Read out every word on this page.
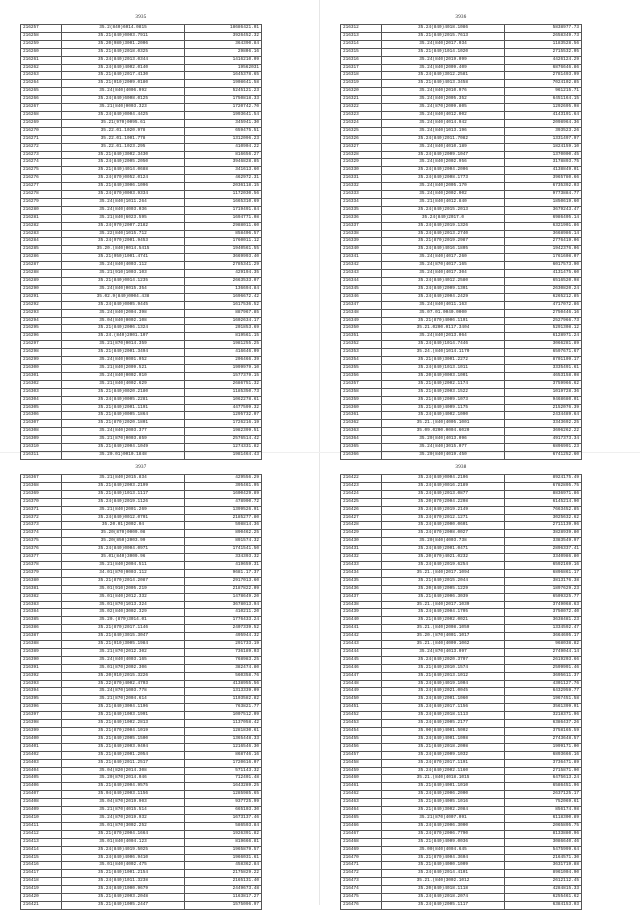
3935
216257	35.2(840)6014.0815	18686421.01
216258	35.21(840)0003.7911	3926452.32
216259	35.20(980)3001.2006	364390.84
216260	35.21(840)2018.0325	29806.16
216261	35.24(840)2013.0344	1416210.09
216262	35.24(840)4002.0140	19562031
216263	35.21(840)2017.4130	1645378.65
216264	35.21(910)2009.0180	1908641.58
216265	35.24(840)4006.992	5245121.23
216266	35.24(840)6008.0125	1750818.33
216267	35.21(840)0003.323	1720742.70
216268	35.24(840)0004.4425	1993641.54
216269	35.21(970)0095.61	345941.30
216270	35.22.01.1020.978	659475.51
216271	35.22.01.1001.778	1312096.23
216272	35.22.01.1023.295	410904.22
216273	35.21(840)3002.3430	816656.27
216274	35.24(840)2005.2050	3946828.85
216275	35.21(840)4014.0688	341613.60
216276	35.24(870)0052.0124	462972.31
216277	35.21(840)3006.1096	2036118.15
216278	35.24(870)0003.9334	1172030.56
216279	35.24(840)1011.264	1665310.69
216280	35.24(840)4003.036	1719491.84
216281	35.21(840)6023.595	1694771.08
216282	35.24(970)2007.2182	2988011.60
216283	35.22(840)1015.712	858406.57
216284	35.24(970)2001.9453	1760011.12
216285	35.20.(840)0014.5415	1940561.55
216286	35.21(950)1001.4741	3669993.40
216287	35.24(840)4003.112	2785341.29
216288	35.21(910)1003.103	429194.35
216289	35.21(840)0014.1235	2663533.07
216290	35.24(840)0015.354	136694.84
216291	35.02.9(840)0004.438	1696672.42
216292	35.24(840)0005.9445	1617536.52
216293	35.24(840)2004.398	887967.85
216294	35.04(840)0002.108	1602634.17
216295	35.21(840)2006.1324	201853.69
216296	35.24.(840)2001.107	819561.15
216297	35.21(870)0014.359	1981255.25
216298	35.21(840)2001.3494	416646.09
216299	35.24(840)0001.952	206466.39
216300	35.21(840)2009.521	1999979.10
216301	35.24(840)0002.910	1577379.15
216302	35.21(840)4002.629	2686751.32
216303	35.21(840)0020.2180	1185350.73
216304	35.24(840)0005.2281	1062278.61
216305	35.21(840)2001.1191	4477599.32
216306	35.21(840)0005.1864	1295732.07
216307	35.21(870)2020.1801	1726216.19
216308	35.24(840)2003.377	1982399.51
216309	35.21(870)0003.859	2576514.42
216310	35.21(840)2004.1049	1274331.82
216311	35.20.01)0010.1848	1981464.43
3936
216312	35.24(840)4018.1086	5838977.73
216313	35.21(840)2015.7613	2658349.73
216314	35.24(840)2017.034	1183528.56
216315	35.21(840)1014.1020	2715532.05
216316	35.24(840)2019.099	4426124.29
216317	35.24(840)2009.409	6876646.86
216318	35.24(840)3012.2581	2781493.99
216319	35.21(840)4013.3458	7024102.85
216320	35.24(840)2010.976	961215.71
216321	35.24(840)2005.352	6451164.15
216322	35.24(870)2009.805	1292695.98
216323	35.24(840)4012.002	4143191.64
216324	35.24(840)4014.942	2098964.36
216325	35.24(840)1013.196	393523.26
216326	35.24(840)2011.7082	1331497.97
216327	35.24(840)4010.189	1824159.10
216328	35.24(840)2009.1047	1370000.45
216329	35.24(840)2002.956	3178893.75
216330	35.24(840)2004.2006	4138849.01
216331	35.24(840)2008.1773	3965780.66
216332	35.24(840)2005.170	6735392.03
216333	35.24(840)2002.002	9773884.77
216334	35.21(840)4012.840	1850619.60
216335	35.24(840)2015.2013	3679243.47
216336	35.24(840)2017.0	6986405.14
216337	35.24(840)2019.1326	6321901.86
216338	35.24(840)2013.2740	3668986.14
216339	35.21(870)2019.2987	2776419.06
216340	35.24(840)4016.1805	1942376.06
216341	35.24(840)4017.260	1761608.07
216342	35.24(870)4017.165	6017573.90
216343	35.24(840)4017.304	4131475.60
216344	35.24(840)4012.2580	6516520.98
216345	35.24(840)2009.1301	2630820.24
216346	35.24(840)2004.2429	6265212.85
216347	35.24(840)4011.163	4717072.86
216348	35.07.01.0040.0000	2750446.16
216349	35.21(870)4006.1191	2527966.73
216350	35.21.0200.0117.3404	5291308.12
216351	35.24(840)2013.064	6128971.24
216352	35.24(840)1014.7446	3066281.89
216353	35.24.(840)1014.1170	6597671.67
216354	35.21(840)3001.2272	8701109.17
216355	35.24(840)1013.1011	3335491.61
216356	35.20(840)0003.1001	4653158.08
216357	35.21(840)2002.1174	3759966.62
216358	35.21(840)2003.1522	1019728.36
216359	35.21(840)2009.1073	9468680.01
216360	35.21(840)4009.1175	2152076.39
216361	35.24(840)4002.1090	2434489.64
216362	35.21.(840)4005.1001	3343692.25
216363	35.09.0200.0004.6020	3696262.22
216364	35.20(840)4013.096	4917373.34
216365	35.24(840)3015.077	6896991.23
216366	35.20(840)4019.450	6741252.60
3937
216367	35.21(840)2015.834	429556.29
216368	35.21(840)2003.2199	395461.95
216369	35.21(840)1013.1117	1600429.89
216370	35.24(840)2019.1126	478990.72
216371	35.21(840)2001.269	1399526.91
216372	35.24(840)0012.0701	2185277.80
216373	35.20.01)2002.04	598814.36
216374	35.20(870)0009.08	890462.25
216375	35.20(850)2003.99	891574.32
216376	35.24(840)0004.0971	1741541.50
216377	35.01(840)3009.96	334393.32
216378	35.21(840)2004.511	419659.31
216379	34.01(870)0003.112	9681.17.37
216380	35.21(870)2014.2087	2917013.60
216381	35.01(910)2005.219	2187822.09
216382	35.01(840)2012.332	1478649.20
216383	35.01(870)1013.324	3678013.94
216384	35.02(840)3002.329	410211.20
216385	35.20.(870)3014.01	1776433.24
216386	35.21(870)2017.1146	2407339.52
216387	35.21(840)3015.3047	495944.32
216388	35.21(910)3005.1984	291733.19
216389	35.21(870)2012.302	736189.03
216390	35.24(840)4003.165	768983.25
216391	35.01(870)2002.306	382474.80
216392	35.20(910)2015.3226	560358.76
216393	35.22(870)4002.4703	4138955.56
216394	35.24(870)1003.778	1313339.09
216395	35.21(870)2004.614	1103582.82
216396	35.21(840)3004.1196	763821.77
216397	35.21(840)1003.1991	1007512.09
216398	35.21(840)1002.2813	1137058.42
216399	35.21(870)2004.1019	1281830.61
216400	35.21(840)2005.1500	1365448.33
216401	35.21(840)2003.9404	1216546.30
216402	35.21(840)2001.2054	868746.16
216403	35.21(840)2011.2517	1720616.07
216404	35.04(820)2014.308	571143.32
216405	35.20(870)2014.046	712401.48
216406	35.21(840)2004.9575	1643289.25
216407	35.04(840)2003.1156	1285985.65
216408	35.04(870)2019.903	937725.99
216409	35.21(870)4015.514	665103.30
216410	35.24(870)2019.932	1673137.46
216411	35.01(870)3002.252	586593.84
216412	35.21(870)2004.1664	1926391.82
216413	35.01(840)4004.123	819666.81
216414	35.24(840)4019.5025	1965879.57
216415	35.24(840)4006.9410	1966031.61
216416	35.01(840)4002.475	458362.84
216417	35.21(840)1001.2154	2175829.22
216418	35.24(840)1011.3238	2165131.40
216419	35.24(840)1000.9679	2449673.48
216420	35.21(840)2003.2048	1163817.27
216421	35.21(840)1005.2447	1575096.97
3938
216422	35.24(840)0004.2106	8924175.49
216423	35.24(840)0016.2189	6782895.75
216424	35.24(840)2013.0877	8836971.86
216425	35.20(870)2004.2208	6145214.90
216426	35.24(840)2019.2149	7663452.85
216427	35.24(870)2012.1271	3025632.62
216428	35.24(840)2000.0601	2711139.96
216429	35.24(870)2008.0027	3828939.80
216430	35.20(840)4003.738	3383549.97
216431	35.24(840)2001.0471	2896337.41
216432	35.20(870)4021.0232	3340986.80
216433	35.24(840)2019.6254	6592169.16
216434	35.21.(840)2017.1094	6896861.17
216435	35.21(840)2015.2044	3813176.38
216436	35.20(840)2005.1229	1897629.23
216437	35.21(840)2006.3039	6509325.77
216438	35.21.(840)2017.1039	3749068.63
216439	35.24(840)2004.1705	3750072.40
216440	35.21(840)2002.0021	3638481.23
216441	35.21.(840)2008.1059	1334592.47
216442	35.20.(870)4001.1017	3664695.17
216443	35.21.(840)4009.1062	968038.82
216444	35.24(870)4013.097	2749044.14
216445	35.24(840)2020.3707	2619203.66
216446	35.21(840)2010.1574	2599991.46
216447	35.21(840)2013.1012	3695611.37
216448	35.24(840)4019.1004	4301127.76
216449	35.24(840)2021.0045	6432959.77
216450	35.24(840)2001.1060	1967451.58
216451	35.24(840)2017.1156	3561399.91
216452	35.24(840)2018.1113	3218371.96
216453	35.24(840)2005.2177	6386437.26
216454	35.00(840)4001.5002	3758165.59
216455	35.24(840)4001.1098	2743648.57
216456	35.21(840)2018.2008	1999171.00
216457	35.24(840)2009.1032	6893666.16
216458	35.24(870)2017.1191	3736471.89
216459	35.24(840)2002.1160	2715871.90
216460	35.21.(840)4018.1015	6475613.24
216461	35.21(840)4001.1010	6586451.96
216462	35.24(840)2006.2000	2637125.17
216463	35.21(840)4005.1016	752069.61
216464	35.21(840)3002.2084	856174.98
216465	35.21(870)4007.091	6118300.89
216466	35.24(840)2006.3000	2065895.75
216467	35.24(870)2006.7790	8133880.96
216468	35.21(840)4009.0036	3086640.46
216469	35.00(840)4004.645	5475999.64
216470	35.21(870)4004.3604	2164571.30
216471	35.21(840)4000.1009	3631719.88
216472	35.24(840)2014.4101	8961004.90
216473	35.21.(840)3002.1012	2612112.45
216474	35.20(840)4018.1118	4284815.33
216475	35.24(840)2018.2074	6255461.62
216476	35.24(840)2005.1117	6384153.03
